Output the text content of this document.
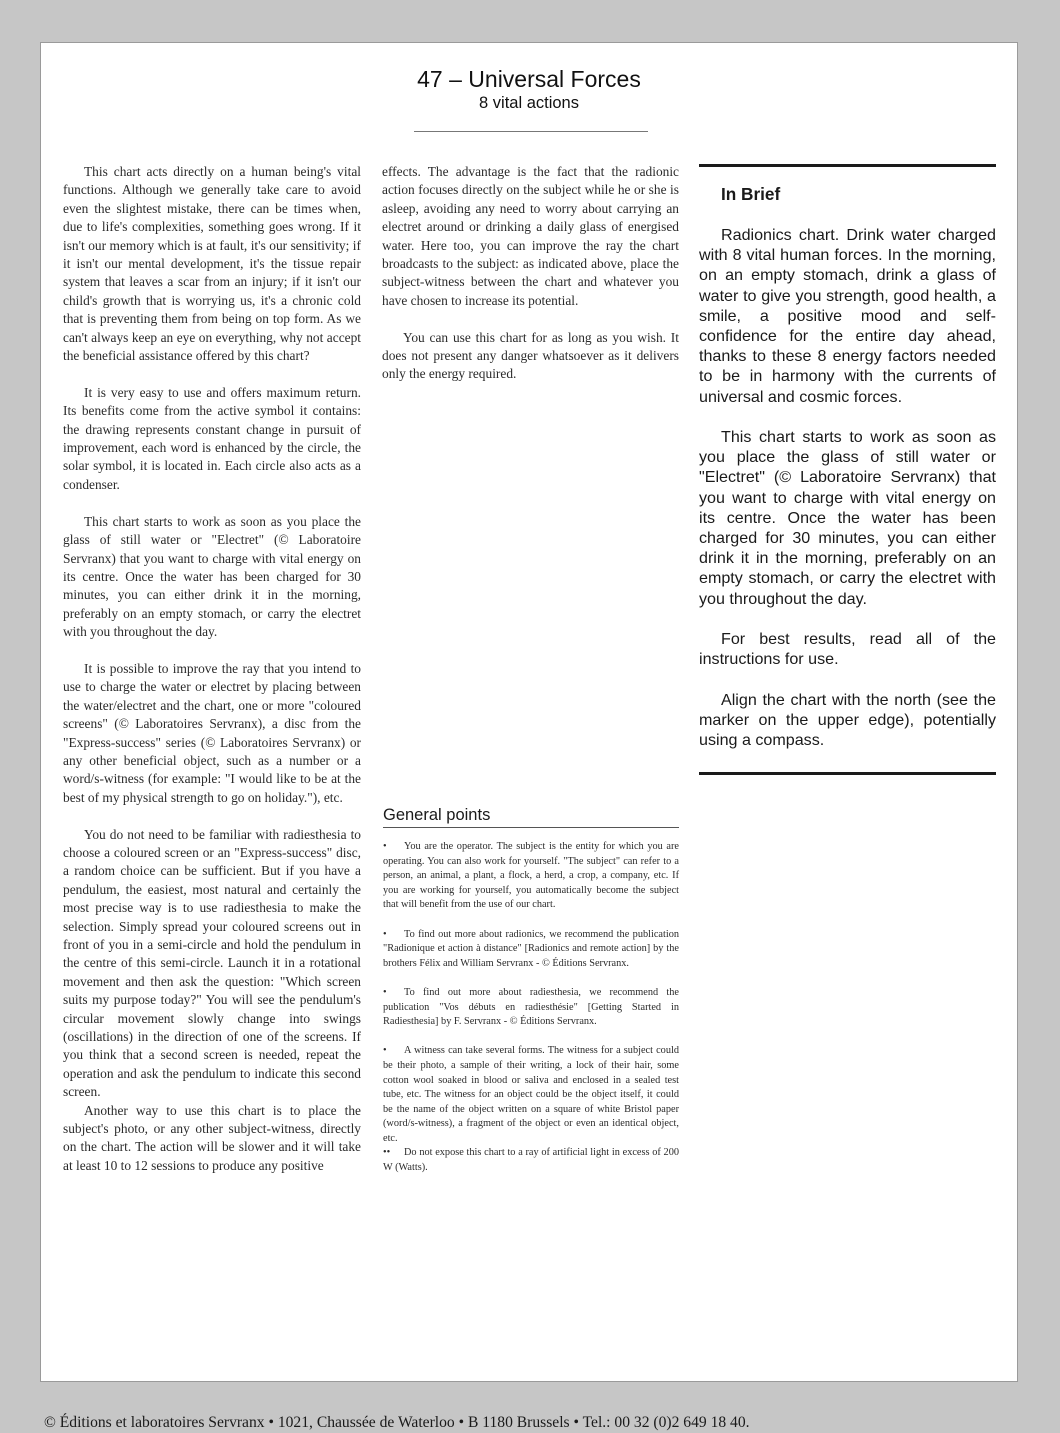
47 – Universal Forces
8 vital actions

This chart acts directly on a human being's vital functions. Although we generally take care to avoid even the slightest mistake, there can be times when, due to life's complexities, something goes wrong. If it isn't our memory which is at fault, it's our sensitivity; if it isn't our mental development, it's the tissue repair system that leaves a scar from an injury; if it isn't our child's growth that is worrying us, it's a chronic cold that is preventing them from being on top form. As we can't always keep an eye on everything, why not accept the beneficial assistance offered by this chart?

It is very easy to use and offers maximum return. Its benefits come from the active symbol it contains: the drawing represents constant change in pursuit of improvement, each word is enhanced by the circle, the solar symbol, it is located in. Each circle also acts as a condenser.

This chart starts to work as soon as you place the glass of still water or "Electret" (© Laboratoire Servranx) that you want to charge with vital energy on its centre. Once the water has been charged for 30 minutes, you can either drink it in the morning, preferably on an empty stomach, or carry the electret with you throughout the day.

It is possible to improve the ray that you intend to use to charge the water or electret by placing between the water/electret and the chart, one or more "coloured screens" (© Laboratoires Servranx), a disc from the "Express-success" series (© Laboratoires Servranx) or any other beneficial object, such as a number or a word/s-witness (for example: "I would like to be at the best of my physical strength to go on holiday."), etc.

You do not need to be familiar with radiesthesia to choose a coloured screen or an "Express-success" disc, a random choice can be sufficient. But if you have a pendulum, the easiest, most natural and certainly the most precise way is to use radiesthesia to make the selection. Simply spread your coloured screens out in front of you in a semi-circle and hold the pendulum in the centre of this semi-circle. Launch it in a rotational movement and then ask the question: "Which screen suits my purpose today?" You will see the pendulum's circular movement slowly change into swings (oscillations) in the direction of one of the screens. If you think that a second screen is needed, repeat the operation and ask the pendulum to indicate this second screen.

Another way to use this chart is to place the subject's photo, or any other subject-witness, directly on the chart. The action will be slower and it will take at least 10 to 12 sessions to produce any positive

effects. The advantage is the fact that the radionic action focuses directly on the subject while he or she is asleep, avoiding any need to worry about carrying an electret around or drinking a daily glass of energised water. Here too, you can improve the ray the chart broadcasts to the subject: as indicated above, place the subject-witness between the chart and whatever you have chosen to increase its potential.

You can use this chart for as long as you wish. It does not present any danger whatsoever as it delivers only the energy required.

General points
• You are the operator. The subject is the entity for which you are operating. You can also work for yourself. "The subject" can refer to a person, an animal, a plant, a flock, a herd, a crop, a company, etc. If you are working for yourself, you automatically become the subject that will benefit from the use of our chart.
• To find out more about radionics, we recommend the publication "Radionique et action à distance" [Radionics and remote action] by the brothers Félix and William Servranx - © Éditions Servranx.
• To find out more about radiesthesia, we recommend the publication "Vos débuts en radiesthésie" [Getting Started in Radiesthesia] by F. Servranx - © Éditions Servranx.
• A witness can take several forms. The witness for a subject could be their photo, a sample of their writing, a lock of their hair, some cotton wool soaked in blood or saliva and enclosed in a sealed test tube, etc. The witness for an object could be the object itself, it could be the name of the object written on a square of white Bristol paper (word/s-witness), a fragment of the object or even an identical object, etc.
•• Do not expose this chart to a ray of artificial light in excess of 200 W (Watts).
In Brief

Radionics chart. Drink water charged with 8 vital human forces. In the morning, on an empty stomach, drink a glass of water to give you strength, good health, a smile, a positive mood and self-confidence for the entire day ahead, thanks to these 8 energy factors needed to be in harmony with the currents of universal and cosmic forces.

This chart starts to work as soon as you place the glass of still water or "Electret" (© Laboratoire Servranx) that you want to charge with vital energy on its centre. Once the water has been charged for 30 minutes, you can either drink it in the morning, preferably on an empty stomach, or carry the electret with you throughout the day.

For best results, read all of the instructions for use.

Align the chart with the north (see the marker on the upper edge), potentially using a compass.

© Éditions et laboratoires Servranx • 1021, Chaussée de Waterloo • B 1180 Brussels • Tel.: 00 32 (0)2 649 18 40.
